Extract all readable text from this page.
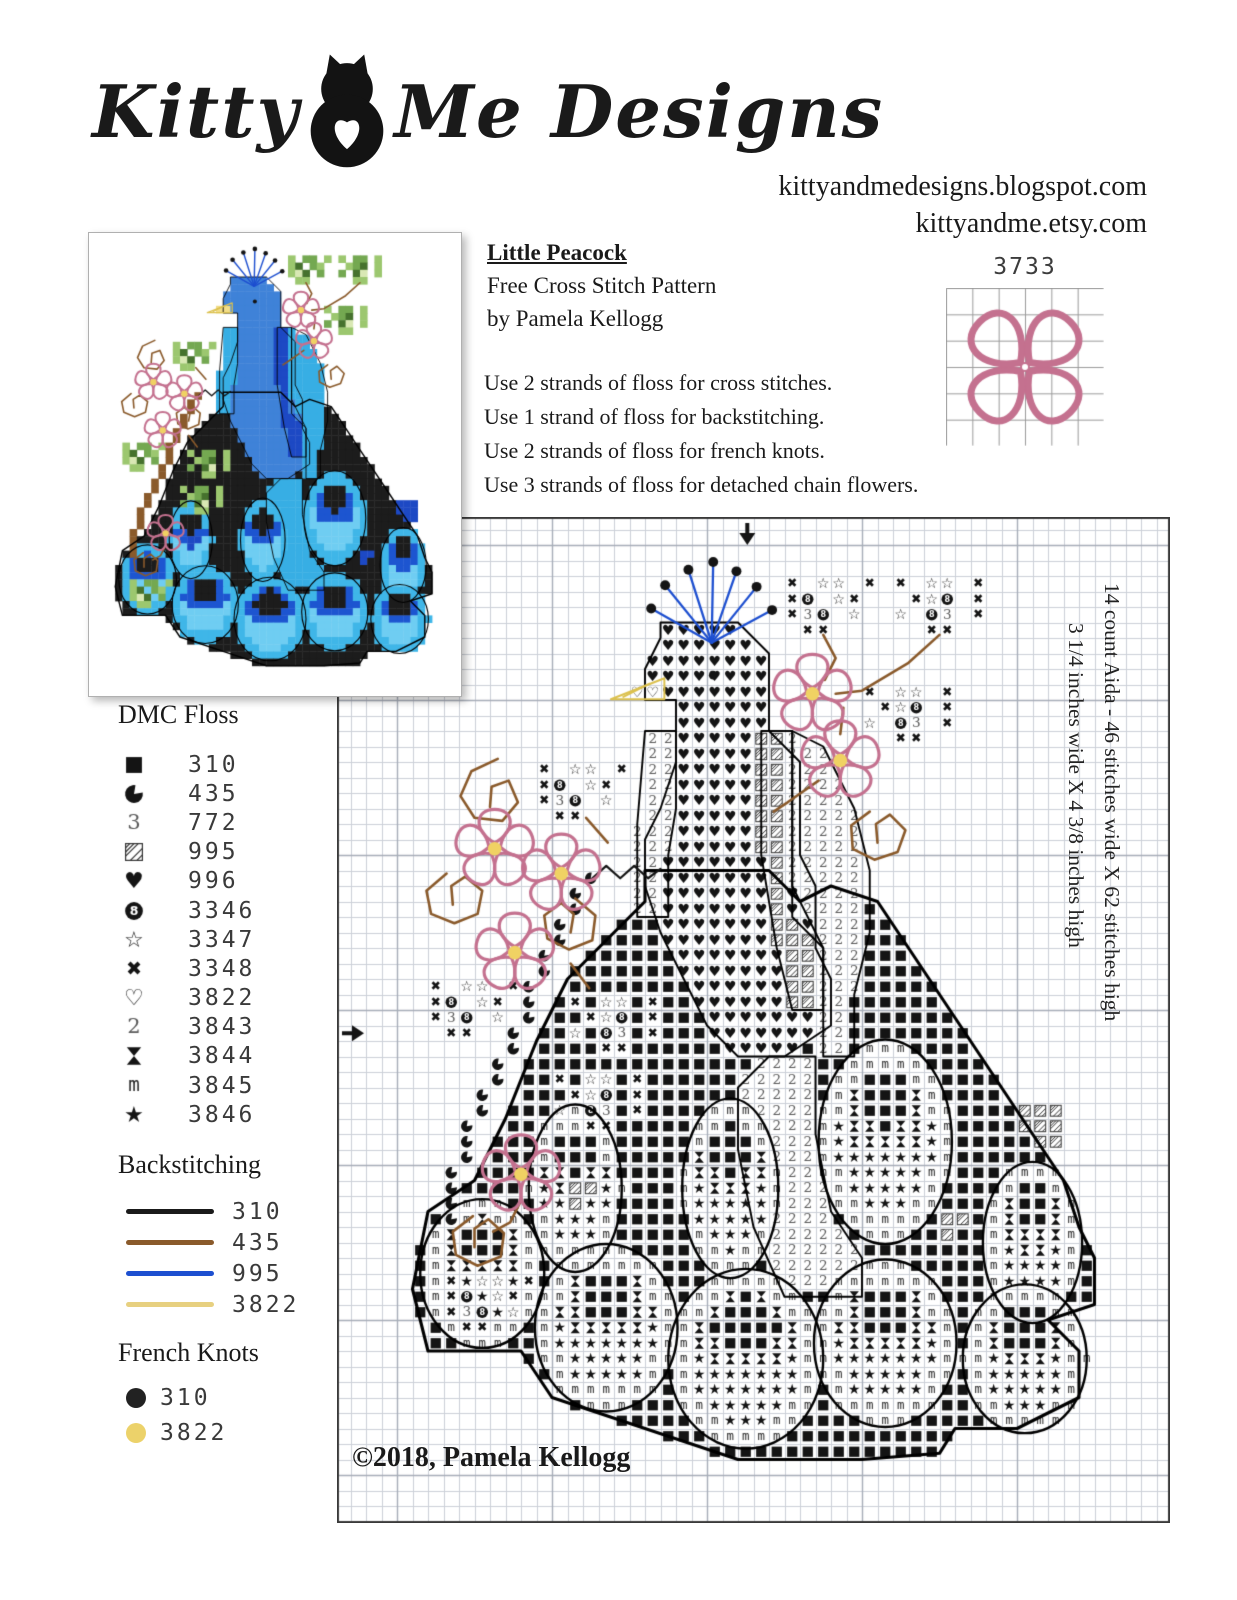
Kitty Me Designs
kittyandmedesigns.blogspot.com
kittyandme.etsy.com
Little Peacock
Free Cross Stitch Pattern
by Pamela Kellogg
3733
Use 2 strands of floss for cross stitches.
Use 1 strand of floss for backstitching.
Use 2 strands of floss for french knots.
Use 3 strands of floss for detached chain flowers.
DMC Floss
310
435
772
995
996
3346
3347
3348
3822
3843
3844
3845
3846
Backstitching
310
435
995
3822
French Knots
310
3822
©2018, Pamela Kellogg
14 count Aida - 46 stitches wide X 62 stitches high
3 1/4 inches wide X 4 3/8 inches high
